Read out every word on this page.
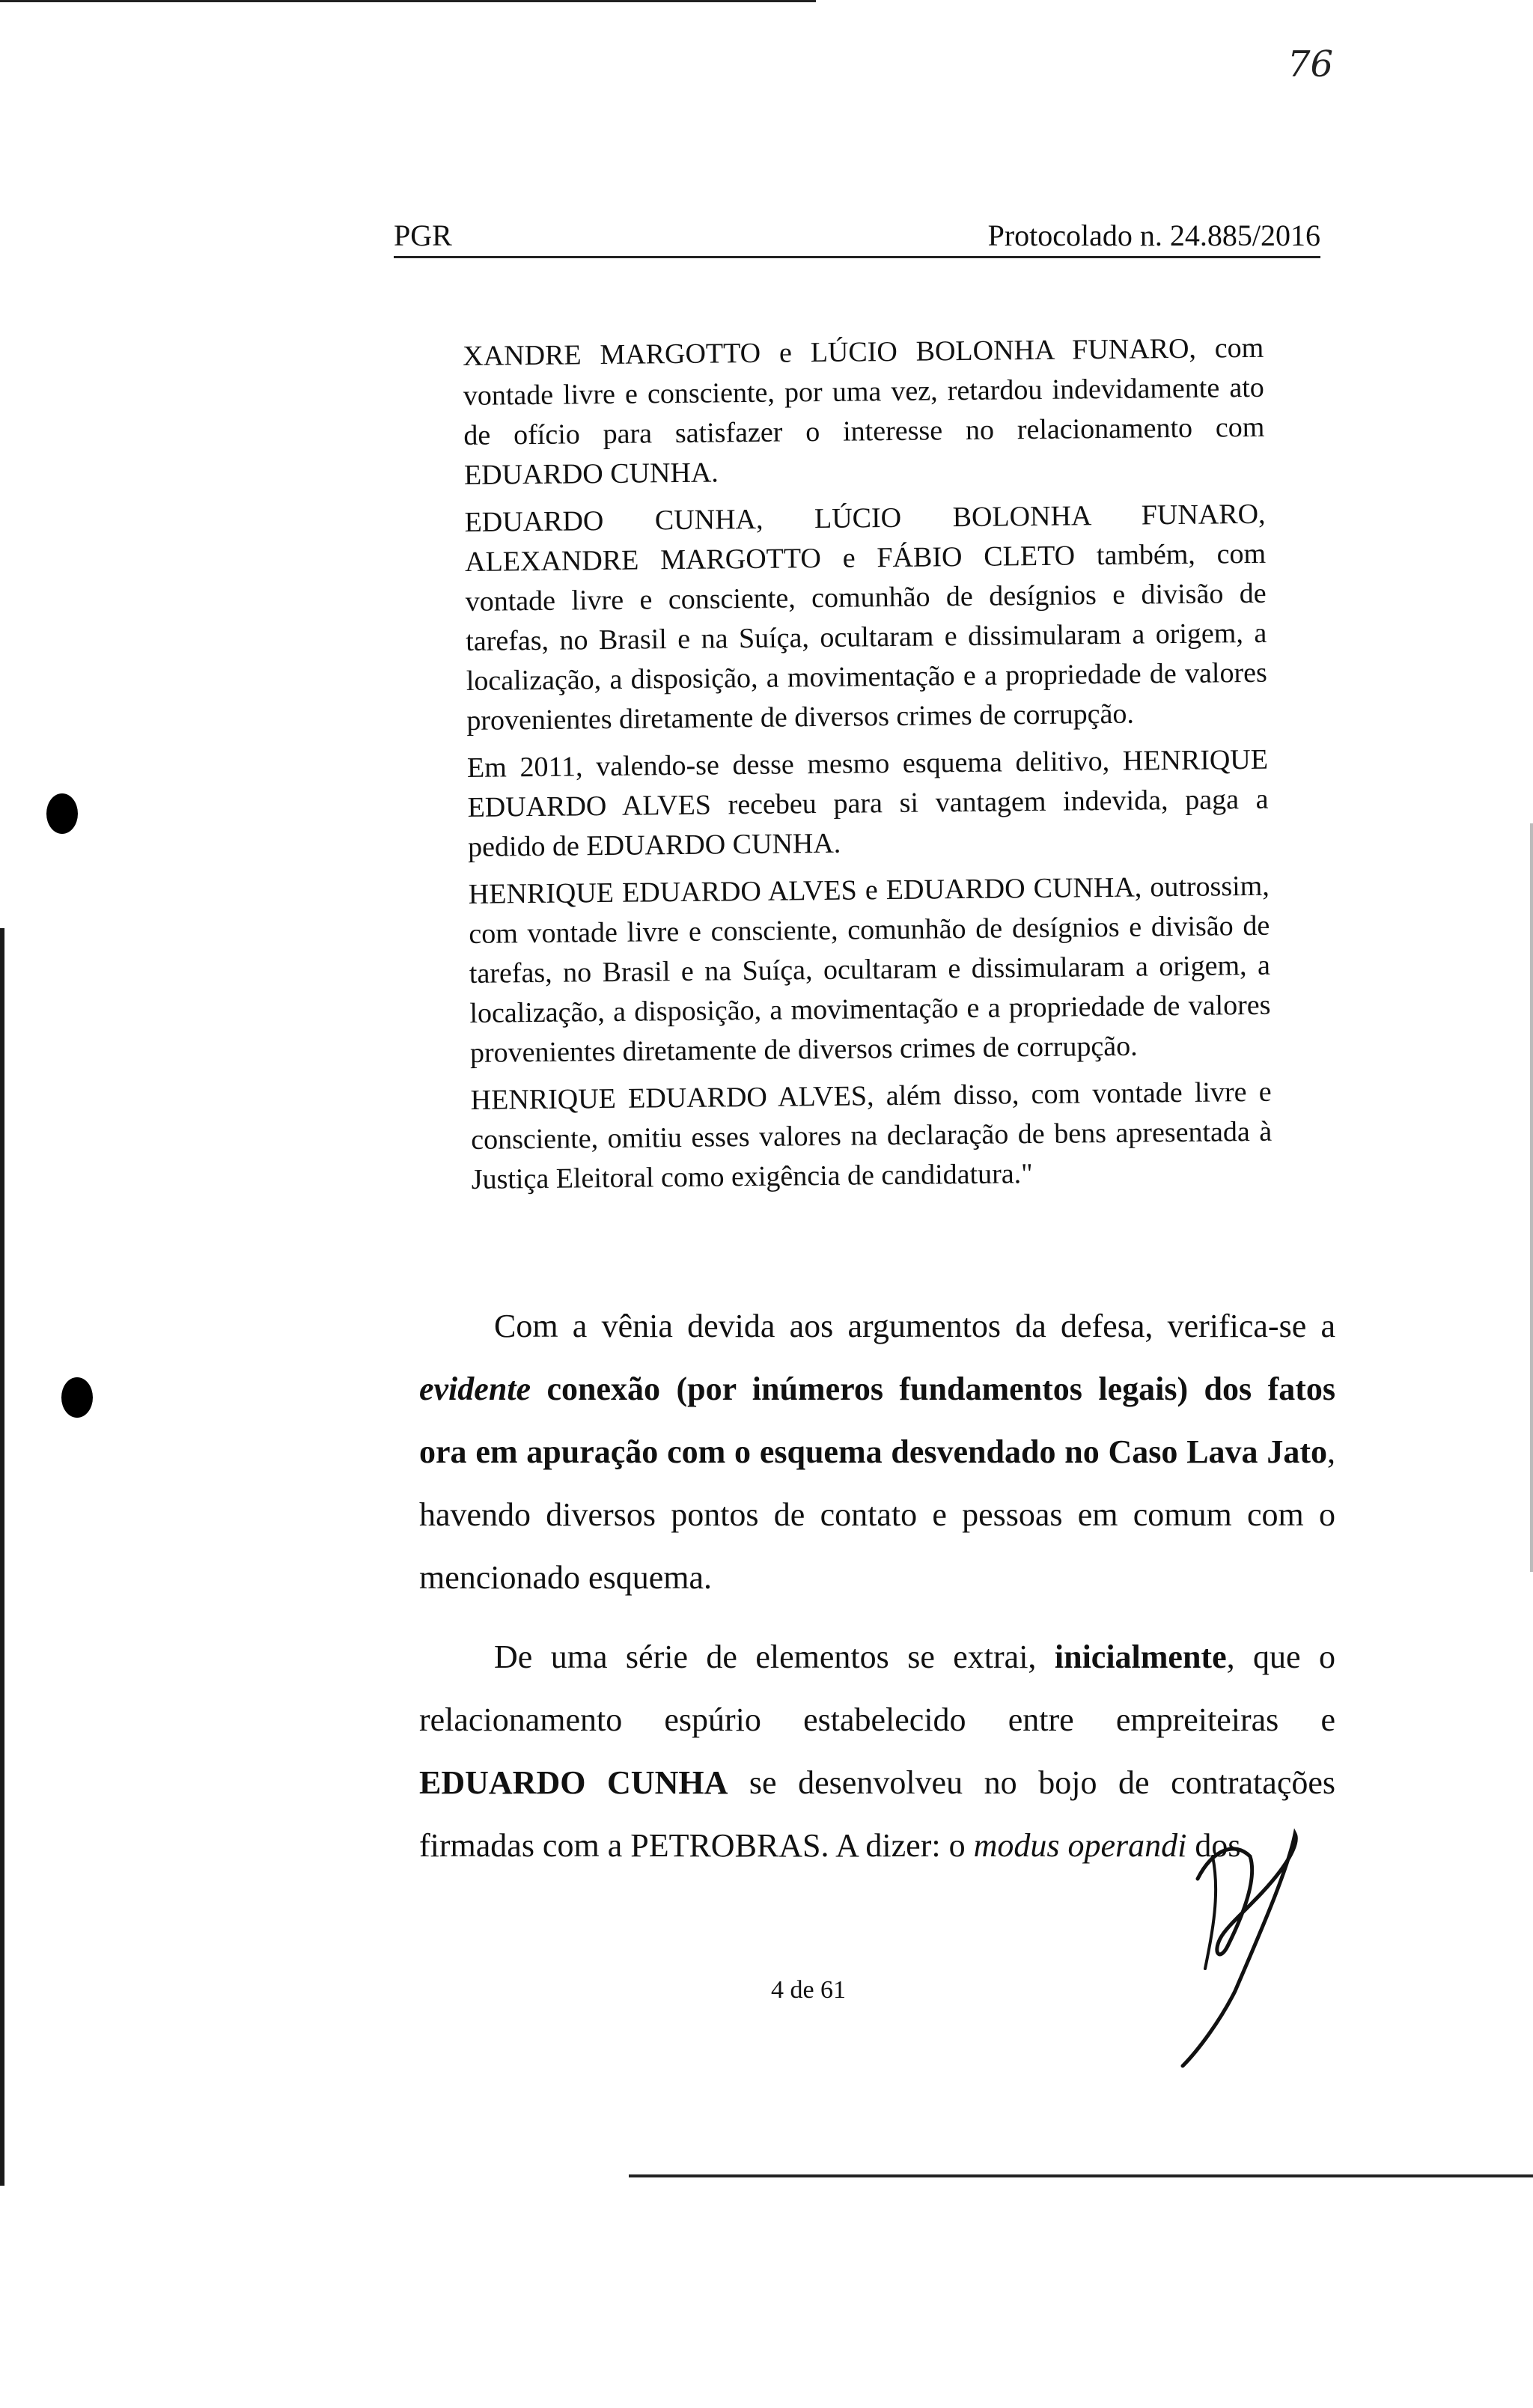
76
PGR	Protocolado n. 24.885/2016

XANDRE MARGOTTO e LÚCIO BOLONHA FUNARO, com vontade livre e consciente, por uma vez, retardou indevidamente ato de ofício para satisfazer o interesse no relacionamento com EDUARDO CUNHA.

EDUARDO CUNHA, LÚCIO BOLONHA FUNARO, ALEXANDRE MARGOTTO e FÁBIO CLETO também, com vontade livre e consciente, comunhão de desígnios e divisão de tarefas, no Brasil e na Suíça, ocultaram e dissimularam a origem, a localização, a disposição, a movimentação e a propriedade de valores provenientes diretamente de diversos crimes de corrupção.

Em 2011, valendo-se desse mesmo esquema delitivo, HENRIQUE EDUARDO ALVES recebeu para si vantagem indevida, paga a pedido de EDUARDO CUNHA.

HENRIQUE EDUARDO ALVES e EDUARDO CUNHA, outrossim, com vontade livre e consciente, comunhão de desígnios e divisão de tarefas, no Brasil e na Suíça, ocultaram e dissimularam a origem, a localização, a disposição, a movimentação e a propriedade de valores provenientes diretamente de diversos crimes de corrupção.

HENRIQUE EDUARDO ALVES, além disso, com vontade livre e consciente, omitiu esses valores na declaração de bens apresentada à Justiça Eleitoral como exigência de candidatura."

Com a vênia devida aos argumentos da defesa, verifica-se a evidente conexão (por inúmeros fundamentos legais) dos fatos ora em apuração com o esquema desvendado no Caso Lava Jato, havendo diversos pontos de contato e pessoas em comum com o mencionado esquema.

De uma série de elementos se extrai, inicialmente, que o relacionamento espúrio estabelecido entre empreiteiras e EDUARDO CUNHA se desenvolveu no bojo de contratações firmadas com a PETROBRAS. A dizer: o modus operandi dos

4 de 61
